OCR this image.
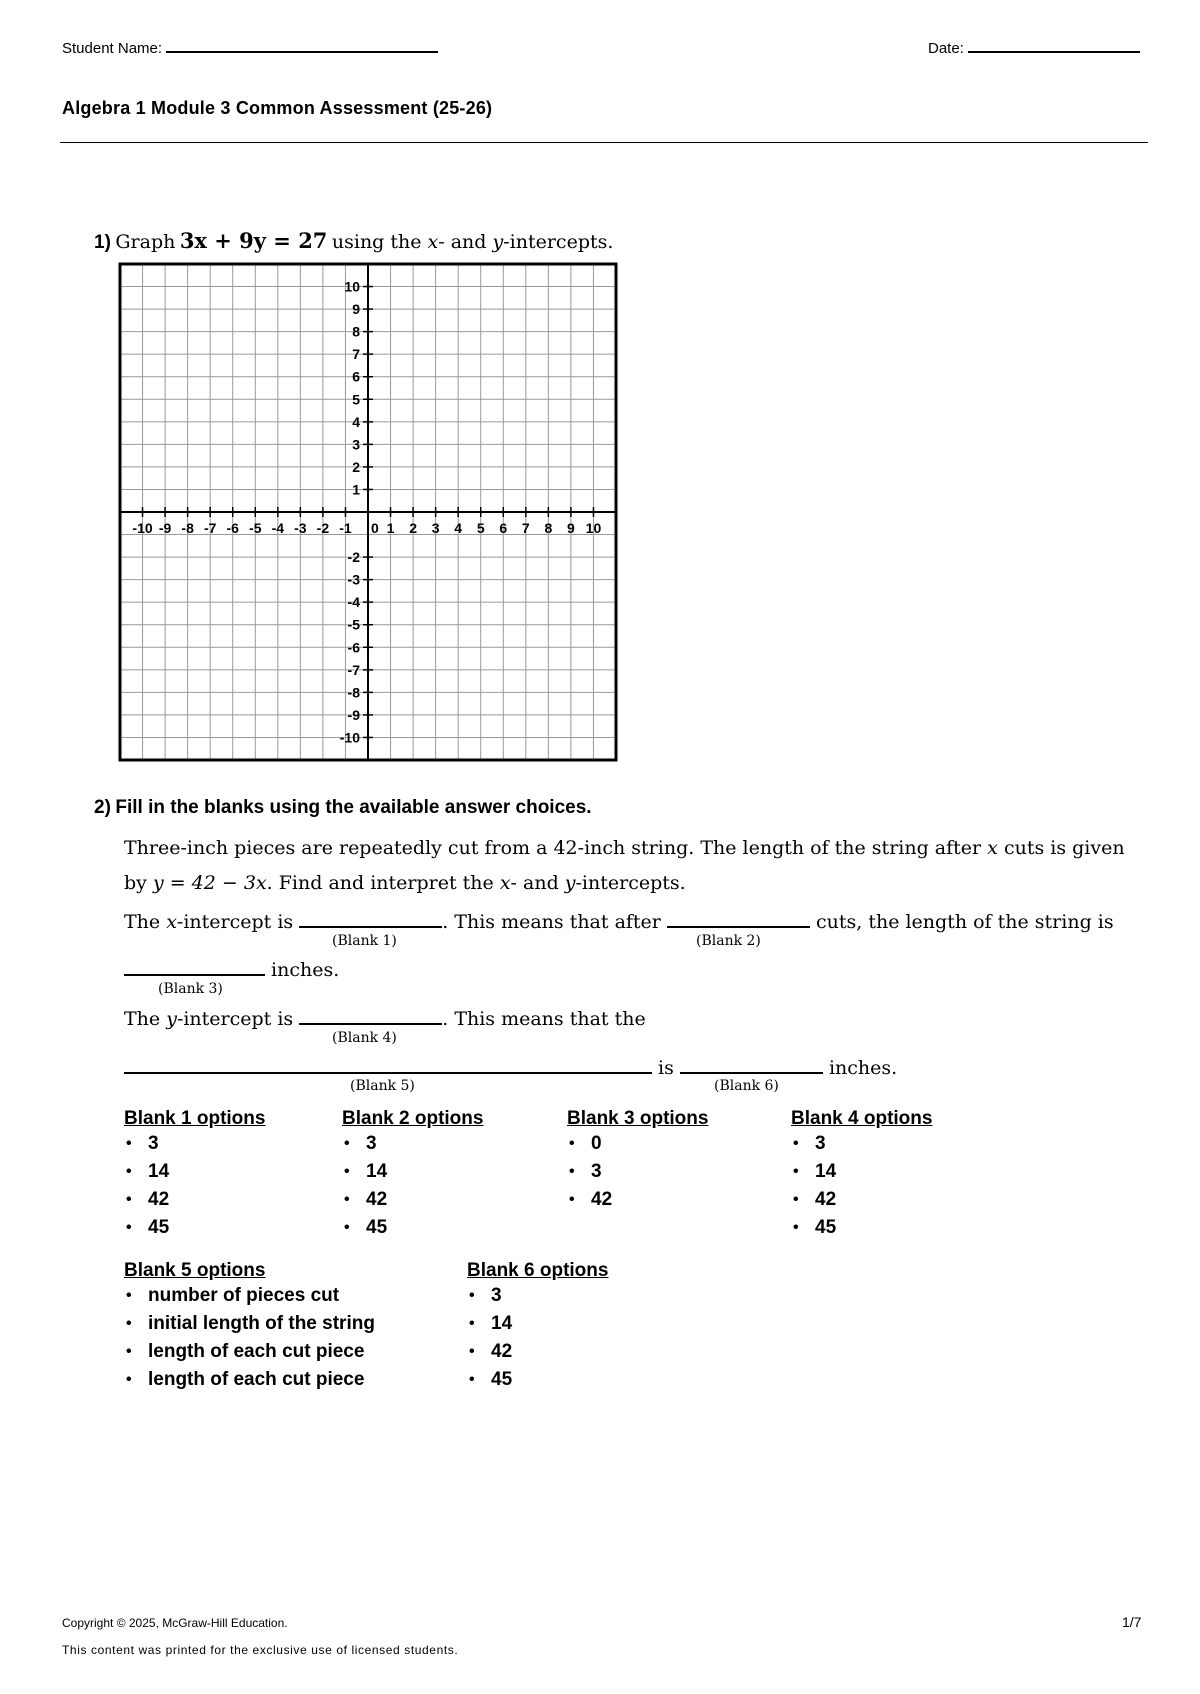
Student Name:	Date:
Algebra 1 Module 3 Common Assessment (25-26)
1) Graph 3x + 9y = 27 using the x- and y-intercepts.
-10 -9 -8 -7 -6 -5 -4 -3 -2 -1 1 2 3 4 5 6 7 8 9 10
10
9
8
7
6
5
4
3
2
1
-2
-3
-4
-5
-6
-7
-8
-9
-10
0
2) Fill in the blanks using the available answer choices.
Three-inch pieces are repeatedly cut from a 42-inch string. The length of the string after x cuts is given
by y = 42 − 3x. Find and interpret the x- and y-intercepts.
The x-intercept is	. This means that after	cuts, the length of the string is
(Blank 1)	(Blank 2)
inches.
(Blank 3)
The y-intercept is	. This means that the
(Blank 4)
is	inches.
(Blank 5)	(Blank 6)
Blank 1 options
• 3
• 14
• 42
• 45
Blank 2 options
• 3
• 14
• 42
• 45
Blank 3 options
• 0
• 3
• 42
Blank 4 options
• 3
• 14
• 42
• 45
Blank 5 options
• number of pieces cut
• initial length of the string
• length of each cut piece
• length of each cut piece
Blank 6 options
• 3
• 14
• 42
• 45
Copyright © 2025, McGraw-Hill Education.
This content was printed for the exclusive use of licensed students.
1/7
